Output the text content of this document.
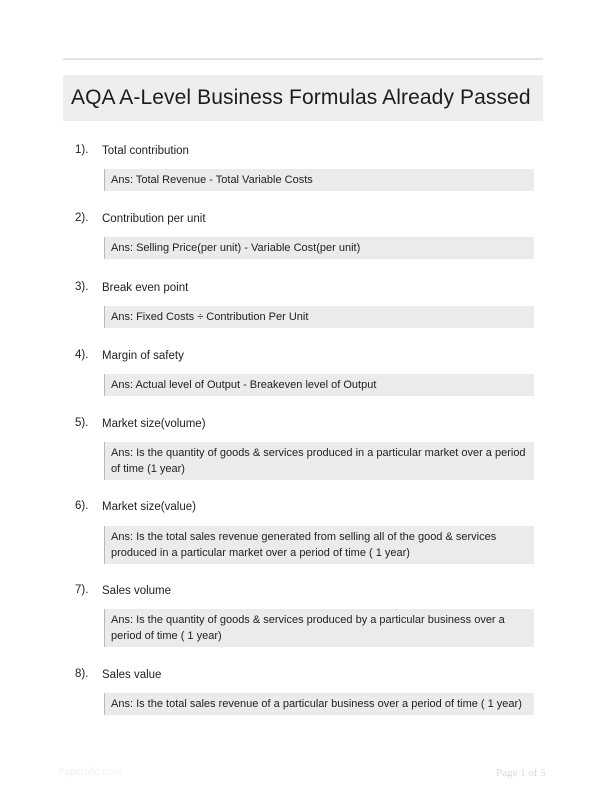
AQA A-Level Business Formulas Already Passed
1). Total contribution
Ans: Total Revenue - Total Variable Costs
2). Contribution per unit
Ans: Selling Price(per unit) - Variable Cost(per unit)
3). Break even point
Ans: Fixed Costs ÷ Contribution Per Unit
4). Margin of safety
Ans: Actual level of Output - Breakeven level of Output
5). Market size(volume)
Ans: Is the quantity of goods & services produced in a particular market over a period of time (1 year)
6). Market size(value)
Ans: Is the total sales revenue generated from selling all of the good & services produced in a particular market over a period of time ( 1 year)
7). Sales volume
Ans: Is the quantity of goods & services produced by a particular business over a period of time ( 1 year)
8). Sales value
Ans: Is the total sales revenue of a particular business over a period of time ( 1 year)
Papertific.com	Page 1 of 5
